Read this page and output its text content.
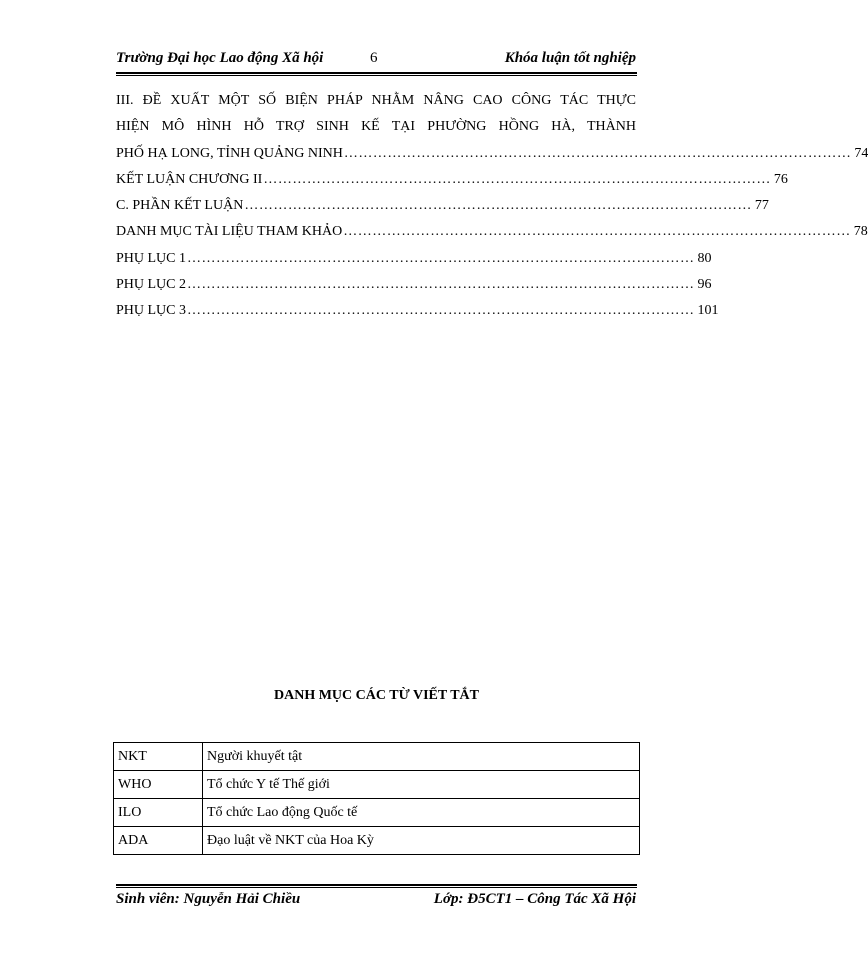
Trường Đại học Lao động Xã hội	6	Khóa luận tốt nghiệp
III. ĐỀ XUẤT MỘT SỐ BIỆN PHÁP NHẰM NÂNG CAO CÔNG TÁC THỰC
HIỆN MÔ HÌNH HỖ TRỢ SINH KẾ TẠI PHƯỜNG HỒNG HÀ, THÀNH
PHỐ HẠ LONG, TỈNH QUẢNG NINH …………………………………………………………………………………………… 74
KẾT LUẬN CHƯƠNG II …………………………………………………………………………………………… 76
C. PHẦN KẾT LUẬN …………………………………………………………………………………………… 77
DANH MỤC TÀI LIỆU THAM KHẢO …………………………………………………………………………………………… 78
PHỤ LỤC 1 …………………………………………………………………………………………… 80
PHỤ LỤC 2 …………………………………………………………………………………………… 96
PHỤ LỤC 3 …………………………………………………………………………………………… 101
DANH MỤC CÁC TỪ VIẾT TẮT
NKT	Người khuyết tật
WHO	Tổ chức Y tế Thế giới
ILO	Tổ chức Lao động Quốc tế
ADA	Đạo luật về NKT của Hoa Kỳ
Sinh viên: Nguyễn Hải Chiều	Lớp: Đ5CT1 – Công Tác Xã Hội
